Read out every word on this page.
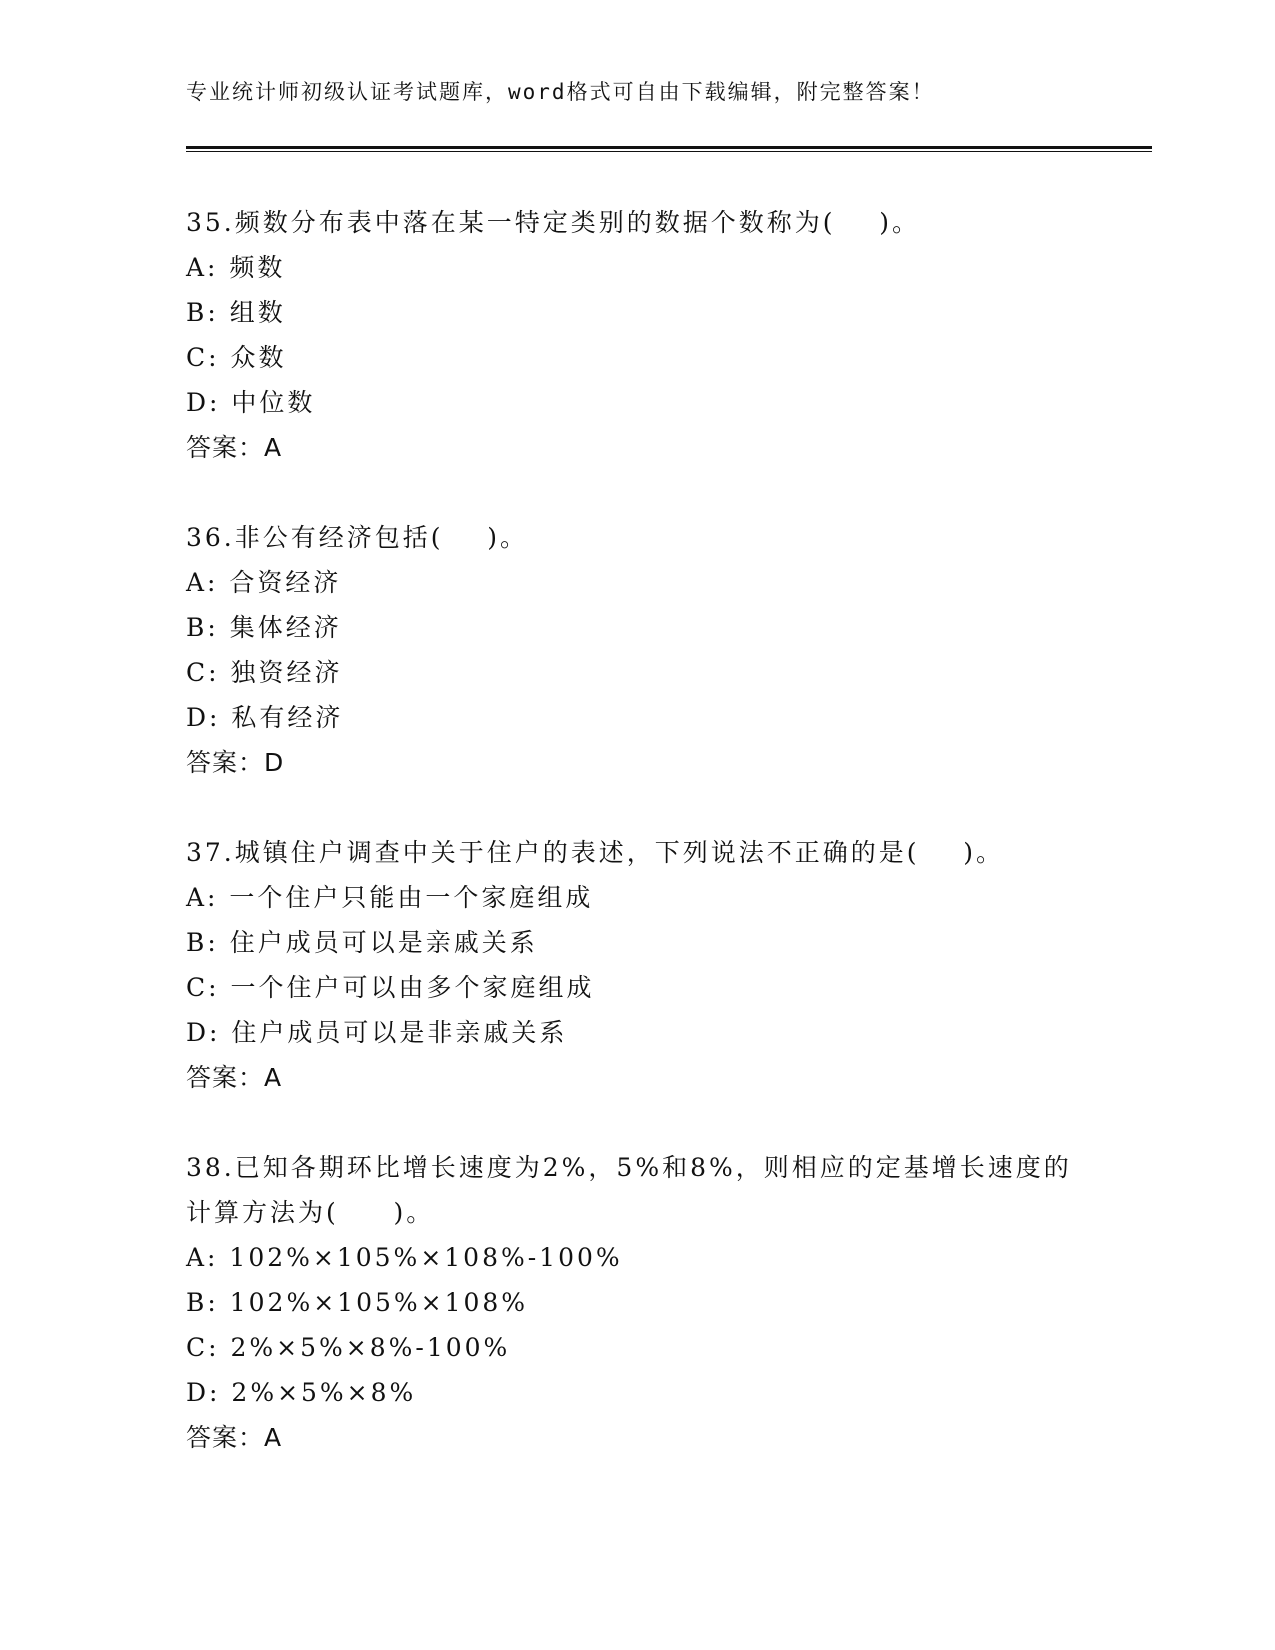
专业统计师初级认证考试题库，word格式可自由下载编辑，附完整答案！
35.频数分布表中落在某一特定类别的数据个数称为(    )。
A: 频数
B: 组数
C: 众数
D: 中位数
答案：A
36.非公有经济包括(    )。
A: 合资经济
B: 集体经济
C: 独资经济
D: 私有经济
答案：D
37.城镇住户调查中关于住户的表述，下列说法不正确的是(    )。
A: 一个住户只能由一个家庭组成
B: 住户成员可以是亲戚关系
C: 一个住户可以由多个家庭组成
D: 住户成员可以是非亲戚关系
答案：A
38.已知各期环比增长速度为2%，5%和8%，则相应的定基增长速度的
计算方法为(     )。
A: 102%×105%×108%-100%
B: 102%×105%×108%
C: 2%×5%×8%-100%
D: 2%×5%×8%
答案：A
